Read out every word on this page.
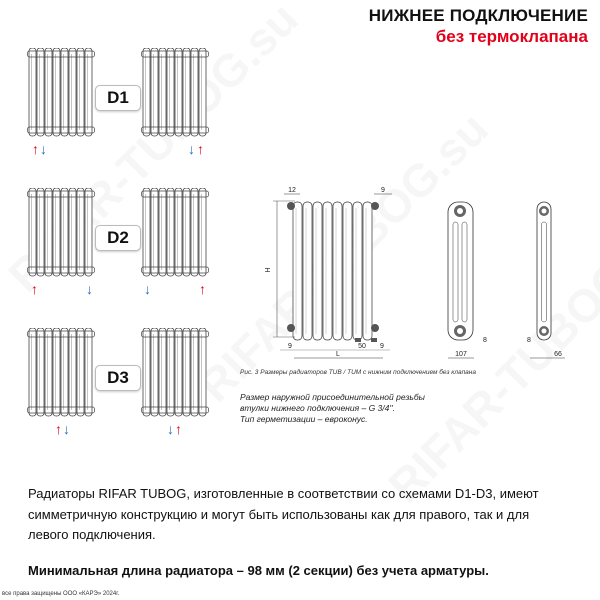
НИЖНЕЕ ПОДКЛЮЧЕНИЕ
без термоклапана
D1
↑ ↓	↓ ↑
D2
↑	↓	↓	↑
D3
↑ ↓	↓ ↑
H
12	9
L
9	50 9
8
107
8
66
Рис. 3 Размеры радиаторов TUB / TUM с нижним подключением без клапана
Размер наружной присоединительной резьбы
втулки нижнего подключения – G 3/4''.
Тип герметизации – евроконус.
Радиаторы RIFAR TUBOG, изготовленные в соответствии со схемами D1-D3, имеют симметричную конструкцию и могут быть использованы как для правого, так и для левого подключения.
Минимальная длина радиатора – 98 мм (2 секции) без учета арматуры.
все права защищены ООО «КАРЭ» 2024г.
